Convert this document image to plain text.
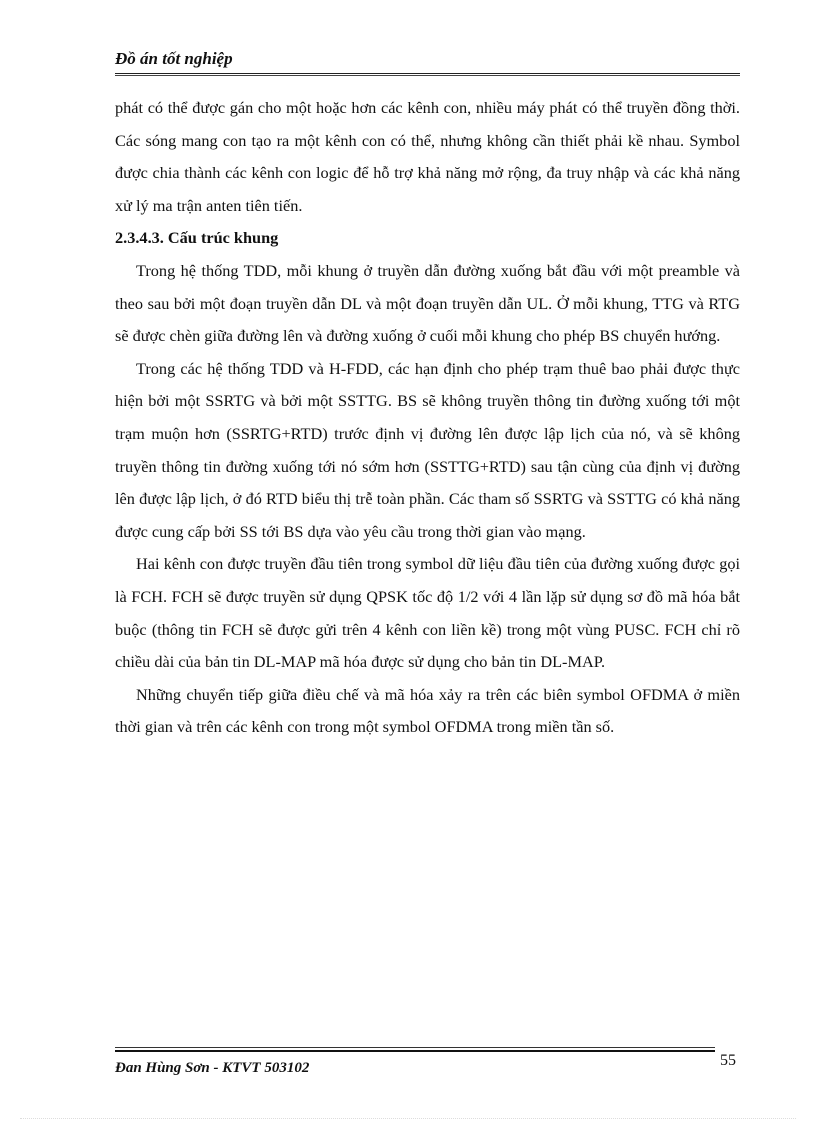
Đồ án tốt nghiệp

phát có thể được gán cho một hoặc hơn các kênh con, nhiều máy phát có thể truyền đồng thời. Các sóng mang con tạo ra một kênh con có thể, nhưng không cần thiết phải kề nhau. Symbol được chia thành các kênh con logic để hỗ trợ khả năng mở rộng, đa truy nhập và các khả năng xử lý ma trận anten tiên tiến.

2.3.4.3. Cấu trúc khung

Trong hệ thống TDD, mỗi khung ở truyền dẫn đường xuống bắt đầu với một preamble và theo sau bởi một đoạn truyền dẫn DL và một đoạn truyền dẫn UL. Ở mỗi khung, TTG và RTG sẽ được chèn giữa đường lên và đường xuống ở cuối mỗi khung cho phép BS chuyển hướng.

Trong các hệ thống TDD và H-FDD, các hạn định cho phép trạm thuê bao phải được thực hiện bởi một SSRTG và bởi một SSTTG. BS sẽ không truyền thông tin đường xuống tới một trạm muộn hơn (SSRTG+RTD) trước định vị đường lên được lập lịch của nó, và sẽ không truyền thông tin đường xuống tới nó sớm hơn (SSTTG+RTD) sau tận cùng của định vị đường lên được lập lịch, ở đó RTD biểu thị trễ toàn phần. Các tham số SSRTG và SSTTG có khả năng được cung cấp bởi SS tới BS dựa vào yêu cầu trong thời gian vào mạng.

Hai kênh con được truyền đầu tiên trong symbol dữ liệu đầu tiên của đường xuống được gọi là FCH. FCH sẽ được truyền sử dụng QPSK tốc độ 1/2 với 4 lần lặp sử dụng sơ đồ mã hóa bắt buộc (thông tin FCH sẽ được gửi trên 4 kênh con liền kề) trong một vùng PUSC. FCH chỉ rõ chiều dài của bản tin DL-MAP mã hóa được sử dụng cho bản tin DL-MAP.

Những chuyển tiếp giữa điều chế và mã hóa xảy ra trên các biên symbol OFDMA ở miền thời gian và trên các kênh con trong một symbol OFDMA trong miền tần số.

Đan Hùng Sơn - KTVT 503102	55
